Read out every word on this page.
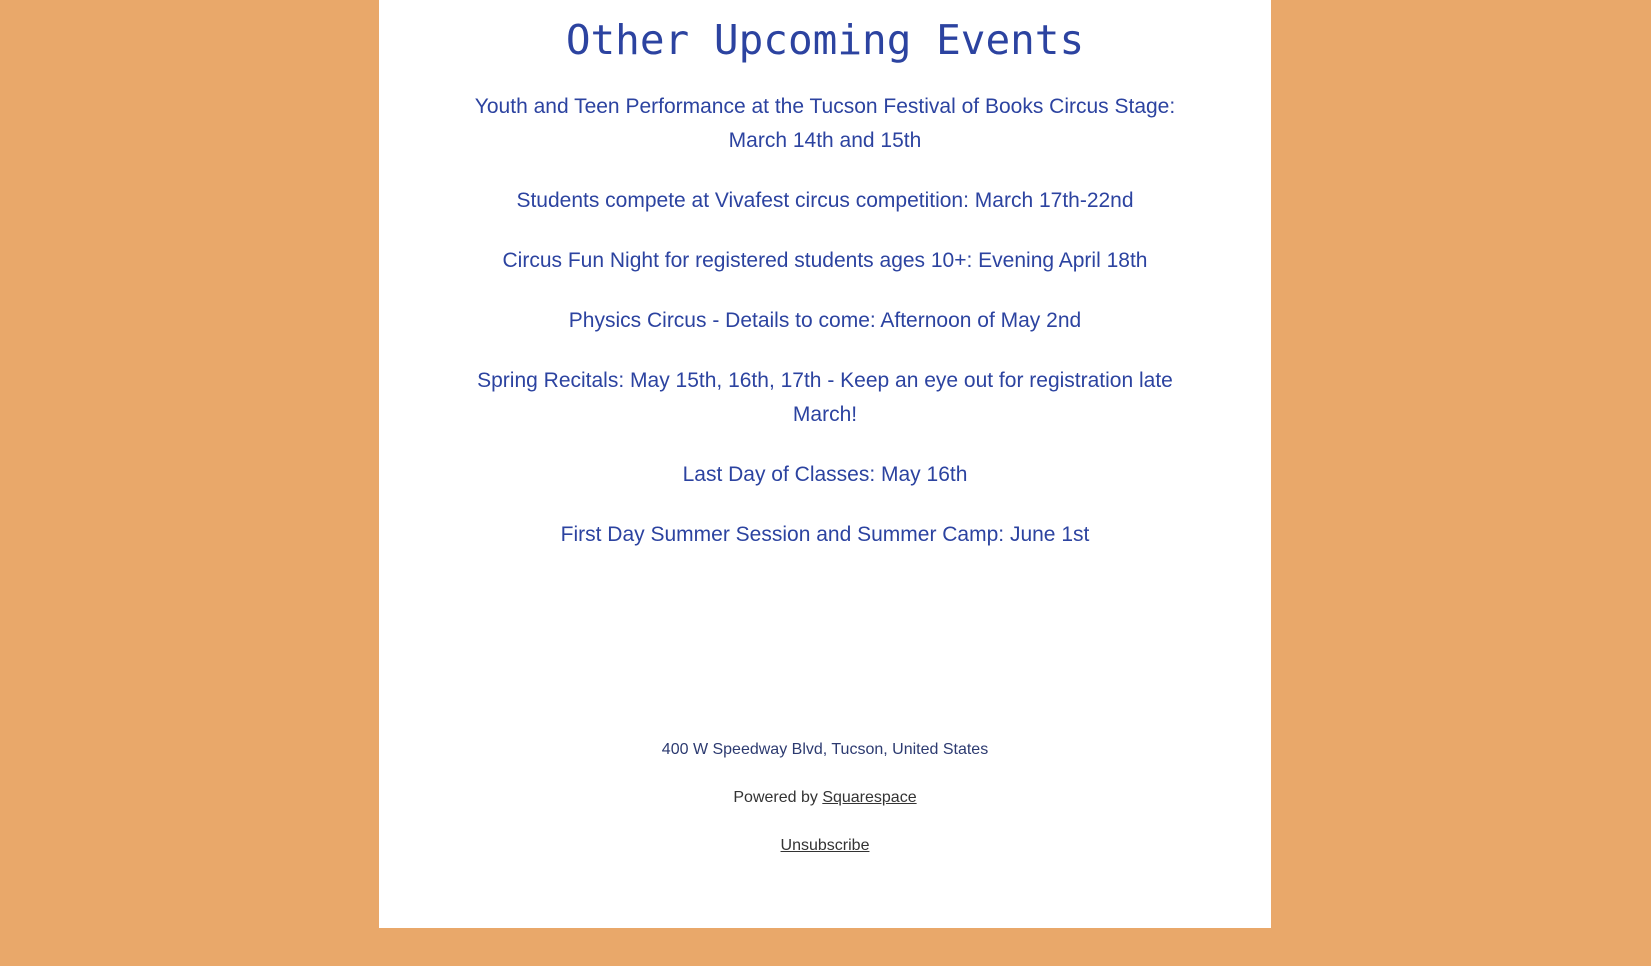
Other Upcoming Events
Youth and Teen Performance at the Tucson Festival of Books Circus Stage: March 14th and 15th
Students compete at Vivafest circus competition: March 17th-22nd
Circus Fun Night for registered students ages 10+: Evening April 18th
Physics Circus - Details to come: Afternoon of May 2nd
Spring Recitals: May 15th, 16th, 17th - Keep an eye out for registration late March!
Last Day of Classes: May 16th
First Day Summer Session and Summer Camp: June 1st

400 W Speedway Blvd, Tucson, United States

Powered by Squarespace

Unsubscribe
